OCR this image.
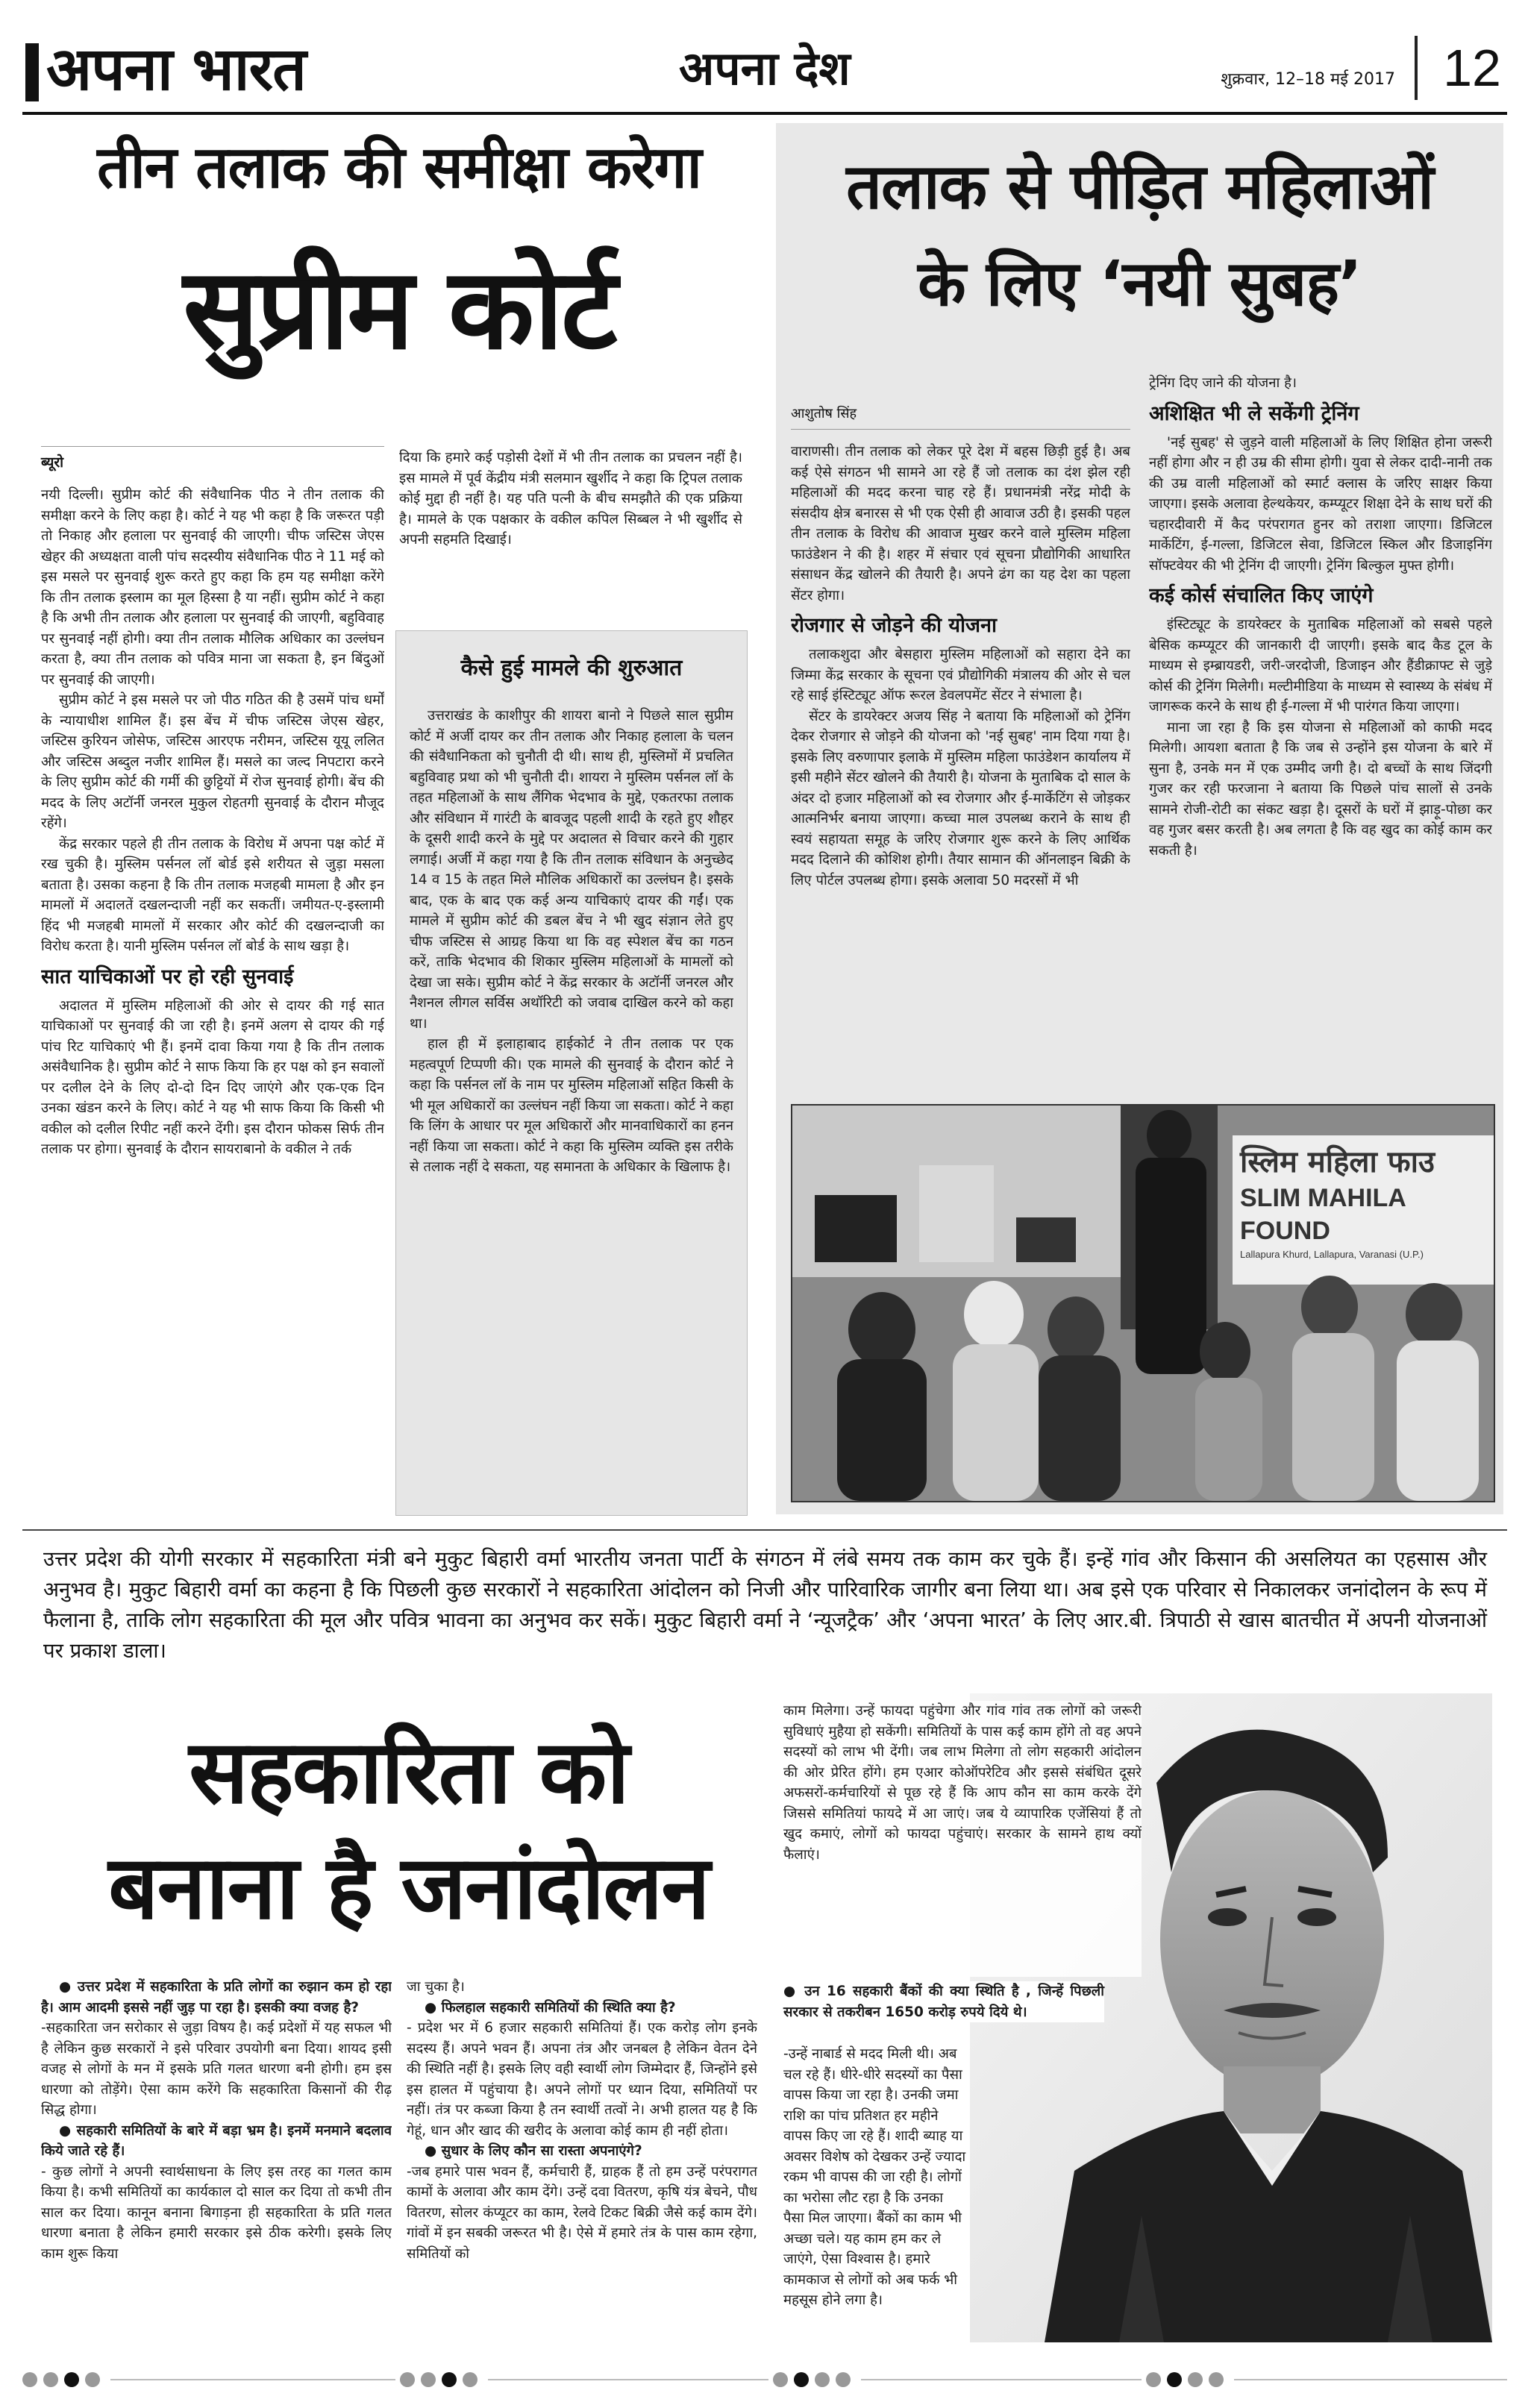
अपना भारत	अपना देश	शुक्रवार, 12–18 मई 2017 12
तीन तलाक की समीक्षा करेगा
सुप्रीम कोर्ट
ब्यूरो

नयी दिल्ली। सुप्रीम कोर्ट की संवैधानिक पीठ ने तीन तलाक की समीक्षा करने के लिए कहा है। कोर्ट ने यह भी कहा है कि जरूरत पड़ी तो निकाह और हलाला पर सुनवाई की जाएगी। चीफ जस्टिस जेएस खेहर की अध्यक्षता वाली पांच सदस्यीय संवैधानिक पीठ ने 11 मई को इस मसले पर सुनवाई शुरू करते हुए कहा कि हम यह समीक्षा करेंगे कि तीन तलाक इस्लाम का मूल हिस्सा है या नहीं। सुप्रीम कोर्ट ने कहा है कि अभी तीन तलाक और हलाला पर सुनवाई की जाएगी, बहुविवाह पर सुनवाई नहीं होगी। क्या तीन तलाक मौलिक अधिकार का उल्लंघन करता है, क्या तीन तलाक को पवित्र माना जा सकता है, इन बिंदुओं पर सुनवाई की जाएगी।

सुप्रीम कोर्ट ने इस मसले पर जो पीठ गठित की है उसमें पांच धर्मों के न्यायाधीश शामिल हैं। इस बेंच में चीफ जस्टिस जेएस खेहर, जस्टिस कुरियन जोसेफ, जस्टिस आरएफ नरीमन, जस्टिस यूयू ललित और जस्टिस अब्दुल नजीर शामिल हैं। मसले का जल्द निपटारा करने के लिए सुप्रीम कोर्ट की गर्मी की छुट्टियों में रोज सुनवाई होगी। बेंच की मदद के लिए अटॉर्नी जनरल मुकुल रोहतगी सुनवाई के दौरान मौजूद रहेंगे।

केंद्र सरकार पहले ही तीन तलाक के विरोध में अपना पक्ष कोर्ट में रख चुकी है। मुस्लिम पर्सनल लॉ बोर्ड इसे शरीयत से जुड़ा मसला बताता है। उसका कहना है कि तीन तलाक मजहबी मामला है और इन मामलों में अदालतें दखलन्दाजी नहीं कर सकतीं। जमीयत-ए-इस्लामी हिंद भी मजहबी मामलों में सरकार और कोर्ट की दखलन्दाजी का विरोध करता है। यानी मुस्लिम पर्सनल लॉ बोर्ड के साथ खड़ा है।

सात याचिकाओं पर हो रही सुनवाई

अदालत में मुस्लिम महिलाओं की ओर से दायर की गई सात याचिकाओं पर सुनवाई की जा रही है। इनमें अलग से दायर की गई पांच रिट याचिकाएं भी हैं। इनमें दावा किया गया है कि तीन तलाक असंवैधानिक है। सुप्रीम कोर्ट ने साफ किया कि हर पक्ष को इन सवालों पर दलील देने के लिए दो-दो दिन दिए जाएंगे और एक-एक दिन उनका खंडन करने के लिए। कोर्ट ने यह भी साफ किया कि किसी भी वकील को दलील रिपीट नहीं करने देंगी। इस दौरान फोकस सिर्फ तीन तलाक पर होगा। सुनवाई के दौरान सायराबानो के वकील ने तर्क

दिया कि हमारे कई पड़ोसी देशों में भी तीन तलाक का प्रचलन नहीं है। इस मामले में पूर्व केंद्रीय मंत्री सलमान खुर्शीद ने कहा कि ट्रिपल तलाक कोई मुद्दा ही नहीं है। यह पति पत्नी के बीच समझौते की एक प्रक्रिया है। मामले के एक पक्षकार के वकील कपिल सिब्बल ने भी खुर्शीद से अपनी सहमति दिखाई।

कैसे हुई मामले की शुरुआत

उत्तराखंड के काशीपुर की शायरा बानो ने पिछले साल सुप्रीम कोर्ट में अर्जी दायर कर तीन तलाक और निकाह हलाला के चलन की संवैधानिकता को चुनौती दी थी। साथ ही, मुस्लिमों में प्रचलित बहुविवाह प्रथा को भी चुनौती दी। शायरा ने मुस्लिम पर्सनल लॉ के तहत महिलाओं के साथ लैंगिक भेदभाव के मुद्दे, एकतरफा तलाक और संविधान में गारंटी के बावजूद पहली शादी के रहते हुए शौहर के दूसरी शादी करने के मुद्दे पर अदालत से विचार करने की गुहार लगाई। अर्जी में कहा गया है कि तीन तलाक संविधान के अनुच्छेद 14 व 15 के तहत मिले मौलिक अधिकारों का उल्लंघन है। इसके बाद, एक के बाद एक कई अन्य याचिकाएं दायर की गईं। एक मामले में सुप्रीम कोर्ट की डबल बेंच ने भी खुद संज्ञान लेते हुए चीफ जस्टिस से आग्रह किया था कि वह स्पेशल बेंच का गठन करें, ताकि भेदभाव की शिकार मुस्लिम महिलाओं के मामलों को देखा जा सके। सुप्रीम कोर्ट ने केंद्र सरकार के अटॉर्नी जनरल और नैशनल लीगल सर्विस अथॉरिटी को जवाब दाखिल करने को कहा था।

हाल ही में इलाहाबाद हाईकोर्ट ने तीन तलाक पर एक महत्वपूर्ण टिप्पणी की। एक मामले की सुनवाई के दौरान कोर्ट ने कहा कि पर्सनल लॉ के नाम पर मुस्लिम महिलाओं सहित किसी के भी मूल अधिकारों का उल्लंघन नहीं किया जा सकता। कोर्ट ने कहा कि लिंग के आधार पर मूल अधिकारों और मानवाधिकारों का हनन नहीं किया जा सकता। कोर्ट ने कहा कि मुस्लिम व्यक्ति इस तरीके से तलाक नहीं दे सकता, यह समानता के अधिकार के खिलाफ है।

तलाक से पीड़ित महिलाओं
के लिए ‘नयी सुबह’
आशुतोष सिंह

वाराणसी। तीन तलाक को लेकर पूरे देश में बहस छिड़ी हुई है। अब कई ऐसे संगठन भी सामने आ रहे हैं जो तलाक का दंश झेल रही महिलाओं की मदद करना चाह रहे हैं। प्रधानमंत्री नरेंद्र मोदी के संसदीय क्षेत्र बनारस से भी एक ऐसी ही आवाज उठी है। इसकी पहल तीन तलाक के विरोध की आवाज मुखर करने वाले मुस्लिम महिला फाउंडेशन ने की है। शहर में संचार एवं सूचना प्रौद्योगिकी आधारित संसाधन केंद्र खोलने की तैयारी है। अपने ढंग का यह देश का पहला सेंटर होगा।

रोजगार से जोड़ने की योजना

तलाकशुदा और बेसहारा मुस्लिम महिलाओं को सहारा देने का जिम्मा केंद्र सरकार के सूचना एवं प्रौद्योगिकी मंत्रालय की ओर से चल रहे साई इंस्टिट्यूट ऑफ रूरल डेवलपमेंट सेंटर ने संभाला है।

सेंटर के डायरेक्टर अजय सिंह ने बताया कि महिलाओं को ट्रेनिंग देकर रोजगार से जोड़ने की योजना को 'नई सुबह' नाम दिया गया है। इसके लिए वरुणापार इलाके में मुस्लिम महिला फाउंडेशन कार्यालय में इसी महीने सेंटर खोलने की तैयारी है। योजना के मुताबिक दो साल के अंदर दो हजार महिलाओं को स्व रोजगार और ई-मार्केटिंग से जोड़कर आत्मनिर्भर बनाया जाएगा। कच्चा माल उपलब्ध कराने के साथ ही स्वयं सहायता समूह के जरिए रोजगार शुरू करने के लिए आर्थिक मदद दिलाने की कोशिश होगी। तैयार सामान की ऑनलाइन बिक्री के लिए पोर्टल उपलब्ध होगा। इसके अलावा 50 मदरसों में भी

ट्रेनिंग दिए जाने की योजना है।

अशिक्षित भी ले सकेंगी ट्रेनिंग

'नई सुबह' से जुड़ने वाली महिलाओं के लिए शिक्षित होना जरूरी नहीं होगा और न ही उम्र की सीमा होगी। युवा से लेकर दादी-नानी तक की उम्र वाली महिलाओं को स्मार्ट क्लास के जरिए साक्षर किया जाएगा। इसके अलावा हेल्थकेयर, कम्प्यूटर शिक्षा देने के साथ घरों की चहारदीवारी में कैद परंपरागत हुनर को तराशा जाएगा। डिजिटल मार्केटिंग, ई-गल्ला, डिजिटल सेवा, डिजिटल स्किल और डिजाइनिंग सॉफ्टवेयर की भी ट्रेनिंग दी जाएगी। ट्रेनिंग बिल्कुल मुफ्त होगी।

कई कोर्स संचालित किए जाएंगे

इंस्टिट्यूट के डायरेक्टर के मुताबिक महिलाओं को सबसे पहले बेसिक कम्प्यूटर की जानकारी दी जाएगी। इसके बाद कैड टूल के माध्यम से इम्ब्रायडरी, जरी-जरदोजी, डिजाइन और हैंडीक्राफ्ट से जुड़े कोर्स की ट्रेनिंग मिलेगी। मल्टीमीडिया के माध्यम से स्वास्थ्य के संबंध में जागरूक करने के साथ ही ई-गल्ला में भी पारंगत किया जाएगा।

माना जा रहा है कि इस योजना से महिलाओं को काफी मदद मिलेगी। आयशा बताता है कि जब से उन्होंने इस योजना के बारे में सुना है, उनके मन में एक उम्मीद जगी है। दो बच्चों के साथ जिंदगी गुजर कर रही फरजाना ने बताया कि पिछले पांच सालों से उनके सामने रोजी-रोटी का संकट खड़ा है। दूसरों के घरों में झाड़ू-पोछा कर वह गुजर बसर करती है। अब लगता है कि वह खुद का कोई काम कर सकती है।

स्लिम महिला फाउ
SLIM MAHILA FOUND
Lallapura Khurd, Lallapura, Varanasi (U.P.)
उत्तर प्रदेश की योगी सरकार में सहकारिता मंत्री बने मुकुट बिहारी वर्मा भारतीय जनता पार्टी के संगठन में लंबे समय तक काम कर चुके हैं। इन्हें गांव और किसान की असलियत का एहसास और अनुभव है। मुकुट बिहारी वर्मा का कहना है कि पिछली कुछ सरकारों ने सहकारिता आंदोलन को निजी और पारिवारिक जागीर बना लिया था। अब इसे एक परिवार से निकालकर जनांदोलन के रूप में फैलाना है, ताकि लोग सहकारिता की मूल और पवित्र भावना का अनुभव कर सकें। मुकुट बिहारी वर्मा ने ‘न्यूजट्रैक’ और ‘अपना भारत’ के लिए आर.बी. त्रिपाठी से खास बातचीत में अपनी योजनाओं पर प्रकाश डाला।
सहकारिता को
बनाना है जनांदोलन

● उत्तर प्रदेश में सहकारिता के प्रति लोगों का रुझान कम हो रहा है। आम आदमी इससे नहीं जुड़ पा रहा है। इसकी क्या वजह है?

-सहकारिता जन सरोकार से जुड़ा विषय है। कई प्रदेशों में यह सफल भी है लेकिन कुछ सरकारों ने इसे परिवार उपयोगी बना दिया। शायद इसी वजह से लोगों के मन में इसके प्रति गलत धारणा बनी होगी। हम इस धारणा को तोड़ेंगे। ऐसा काम करेंगे कि सहकारिता किसानों की रीढ़ सिद्ध होगा।

● सहकारी समितियों के बारे में बड़ा भ्रम है। इनमें मनमाने बदलाव किये जाते रहे हैं।

- कुछ लोगों ने अपनी स्वार्थसाधना के लिए इस तरह का गलत काम किया है। कभी समितियों का कार्यकाल दो साल कर दिया तो कभी तीन साल कर दिया। कानून बनाना बिगाड़ना ही सहकारिता के प्रति गलत धारणा बनाता है लेकिन हमारी सरकार इसे ठीक करेगी। इसके लिए काम शुरू किया

जा चुका है।

● फिलहाल सहकारी समितियों की स्थिति क्या है?

- प्रदेश भर में 6 हजार सहकारी समितियां हैं। एक करोड़ लोग इनके सदस्य हैं। अपने भवन हैं। अपना तंत्र और जनबल है लेकिन वेतन देने की स्थिति नहीं है। इसके लिए वही स्वार्थी लोग जिम्मेदार हैं, जिन्होंने इसे इस हालत में पहुंचाया है। अपने लोगों पर ध्यान दिया, समितियों पर नहीं। तंत्र पर कब्जा किया है तन स्वार्थी तत्वों ने। अभी हालत यह है कि गेहूं, धान और खाद की खरीद के अलावा कोई काम ही नहीं होता।

● सुधार के लिए कौन सा रास्ता अपनाएंगे?

-जब हमारे पास भवन हैं, कर्मचारी हैं, ग्राहक हैं तो हम उन्हें परंपरागत कामों के अलावा और काम देंगे। उन्हें दवा वितरण, कृषि यंत्र बेचने, पौध वितरण, सोलर कंप्यूटर का काम, रेलवे टिकट बिक्री जैसे कई काम देंगे। गांवों में इन सबकी जरूरत भी है। ऐसे में हमारे तंत्र के पास काम रहेगा, समितियों को

काम मिलेगा। उन्हें फायदा पहुंचेगा और गांव गांव तक लोगों को जरूरी सुविधाएं मुहैया हो सकेंगी। समितियों के पास कई काम होंगे तो वह अपने सदस्यों को लाभ भी देंगी। जब लाभ मिलेगा तो लोग सहकारी आंदोलन की ओर प्रेरित होंगे। हम एआर कोऑपरेटिव और इससे संबंधित दूसरे अफसरों-कर्मचारियों से पूछ रहे हैं कि आप कौन सा काम करके देंगे जिससे समितियां फायदे में आ जाएं। जब ये व्यापारिक एजेंसियां हैं तो खुद कमाएं, लोगों को फायदा पहुंचाएं। सरकार के सामने हाथ क्यों फैलाएं।
● उन 16 सहकारी बैंकों की क्या स्थिति है , जिन्हें पिछली सरकार से तकरीबन 1650 करोड़ रुपये दिये थे।
-उन्हें नाबार्ड से मदद मिली थी। अब चल रहे हैं। धीरे-धीरे सदस्यों का पैसा वापस किया जा रहा है। उनकी जमा राशि का पांच प्रतिशत हर महीने वापस किए जा रहे हैं। शादी ब्याह या अवसर विशेष को देखकर उन्हें ज्यादा रकम भी वापस की जा रही है। लोगों का भरोसा लौट रहा है कि उनका पैसा मिल जाएगा। बैंकों का काम भी अच्छा चले। यह काम हम कर ले जाएंगे, ऐसा विश्वास है। हमारे कामकाज से लोगों को अब फर्क भी महसूस होने लगा है।
